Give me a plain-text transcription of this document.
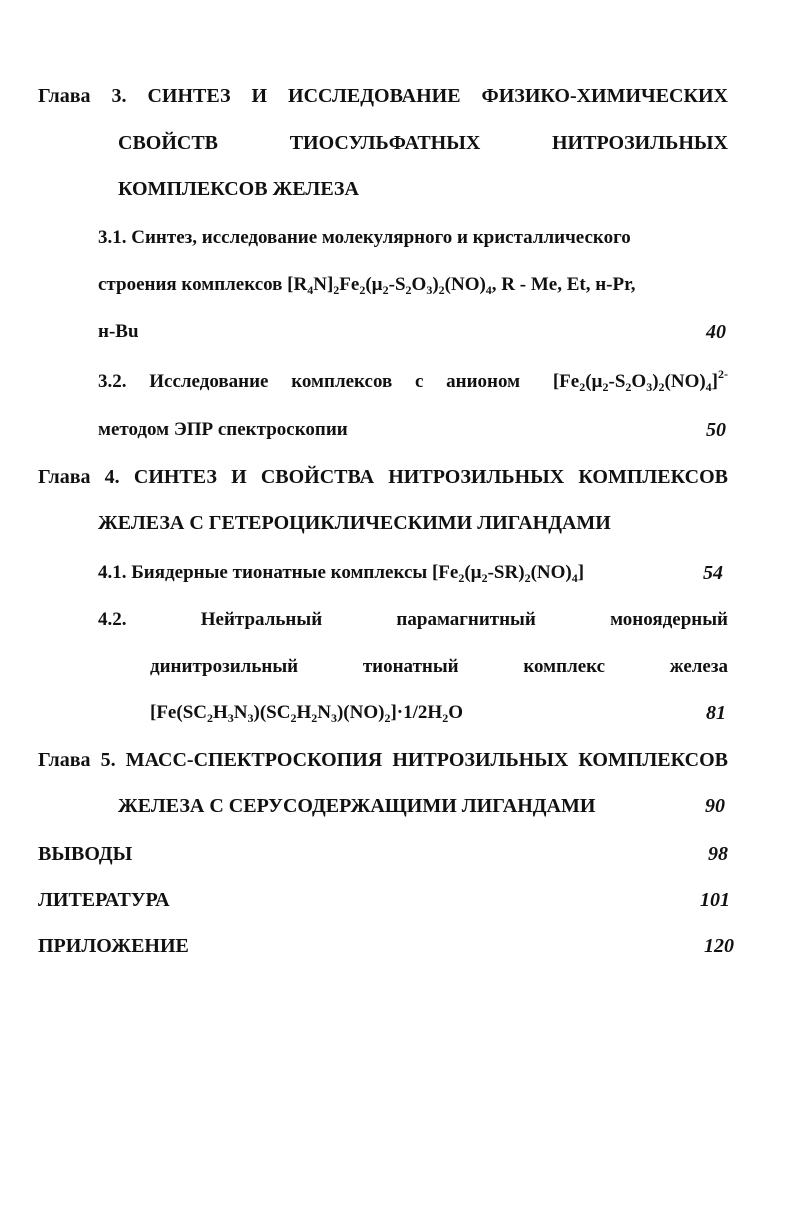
Глава 3. СИНТЕЗ И ИССЛЕДОВАНИЕ ФИЗИКО-ХИМИЧЕСКИХ
СВОЙСТВ ТИОСУЛЬФАТНЫХ НИТРОЗИЛЬНЫХ
КОМПЛЕКСОВ ЖЕЛЕЗА
3.1. Синтез, исследование молекулярного и кристаллического
строения комплексов $[R_4N]_2Fe_2(\mu_2-S_2O_3)_2(NO)_4$, R - Me, Et, н-Pr,
н-Bu	40
3.2. Исследование комплексов с анионом $[Fe_2(\mu_2-S_2O_3)_2(NO)_4]^{2-}$
методом ЭПР спектроскопии	50
Глава 4. СИНТЕЗ И СВОЙСТВА НИТРОЗИЛЬНЫХ КОМПЛЕКСОВ
ЖЕЛЕЗА С ГЕТЕРОЦИКЛИЧЕСКИМИ ЛИГАНДАМИ
4.1. Биядерные тионатные комплексы $[Fe_2(\mu_2-SR)_2(NO)_4]$	54
4.2. Нейтральный парамагнитный моноядерный
динитрозильный тионатный комплекс железа
$[Fe(SC_2H_3N_3)(SC_2H_2N_3)(NO)_2]\cdot 1/2H_2O$	81
Глава 5. МАСС-СПЕКТРОСКОПИЯ НИТРОЗИЛЬНЫХ КОМПЛЕКСОВ
ЖЕЛЕЗА С СЕРУСОДЕРЖАЩИМИ ЛИГАНДАМИ	90
ВЫВОДЫ	98
ЛИТЕРАТУРА	101
ПРИЛОЖЕНИЕ	120
